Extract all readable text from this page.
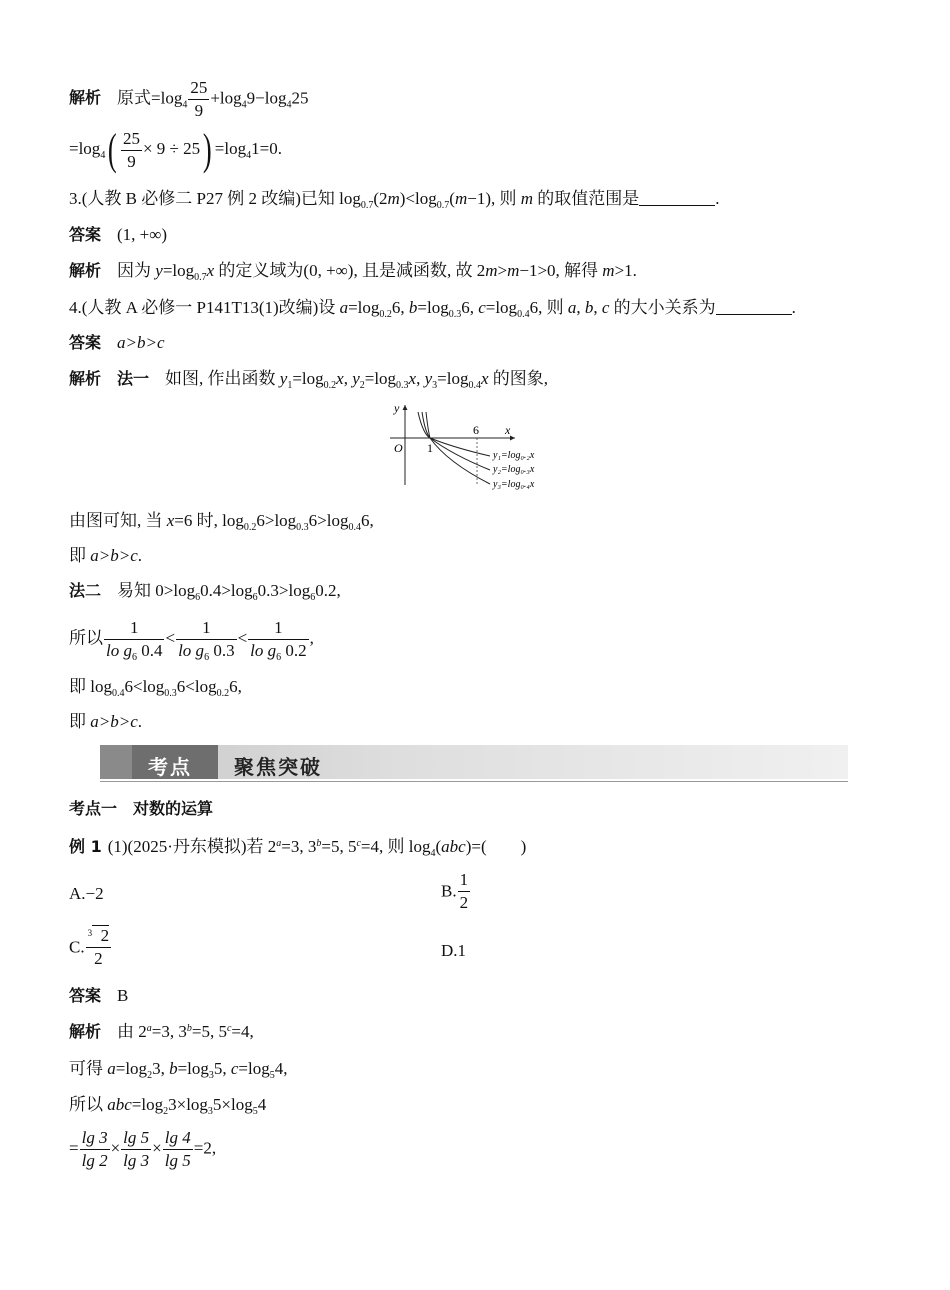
解析 原式$=\log_4 \frac{25}{9} +\log_49-\log_425$
$=\log_4( \frac{25}{9} \times 9 \div 25) =\log_41=0$.
3.(人教 B 必修二 P27 例 2 改编)已知 $\log_{0.7}(2m)<\log_{0.7}(m-1)$, 则 m 的取值范围是	.
答案 (1, +∞)
解析 因为 $y=\log_{0.7}x$ 的定义域为(0, +∞), 且是减函数, 故 2m>m−1>0, 解得 m>1.
4.(人教 A 必修一 P141T13(1)改编)设 $a=\log_{0.2}6$, $b=\log_{0.3}6$, $c=\log_{0.4}6$, 则 a, b, c 的大小关系为	.
答案 a>b>c
解析 法一 如图, 作出函数 $y_1=\log_{0.2}x$, $y_2=\log_{0.3}x$, $y_3=\log_{0.4}x$ 的图象,
y
x
O 1
6
y₁=log₀.₂x
y₂=log₀.₃x
y₃=log₀.₄x
由图可知, 当 x=6 时, $\log_{0.2}6>\log_{0.3}6>\log_{0.4}6$,
即 a>b>c.
法二 易知 $0>\log_60.4>\log_60.3>\log_60.2$,
所以 $\frac{1}{lo g_6 0.4} < \frac{1}{lo g_6 0.3} < \frac{1}{lo g_6 0.2}$ ,
即 $\log_{0.4}6<\log_{0.3}6<\log_{0.2}6$,
即 a>b>c.
考点 聚焦突破
考点一　对数的运算
例 1 (1)(2025·丹东模拟)若 $2^a=3$, $3^b=5$, $5^c=4$, 则 $\log_4(abc)=$(　　)
A.−2	B. $\frac{1}{2}$
C. $\frac{3 2}{2}$	D.1
答案 B
解析 由 $2^a=3$, $3^b=5$, $5^c=4$,
可得 $a=\log_23$, $b=\log_35$, $c=\log_54$,
所以 $abc=\log_23\times\log_35\times\log_54$
= $\frac{\lg 3}{\lg 2} \times \frac{\lg 5}{\lg 3} \times \frac{\lg 4}{\lg 5} =2$,
